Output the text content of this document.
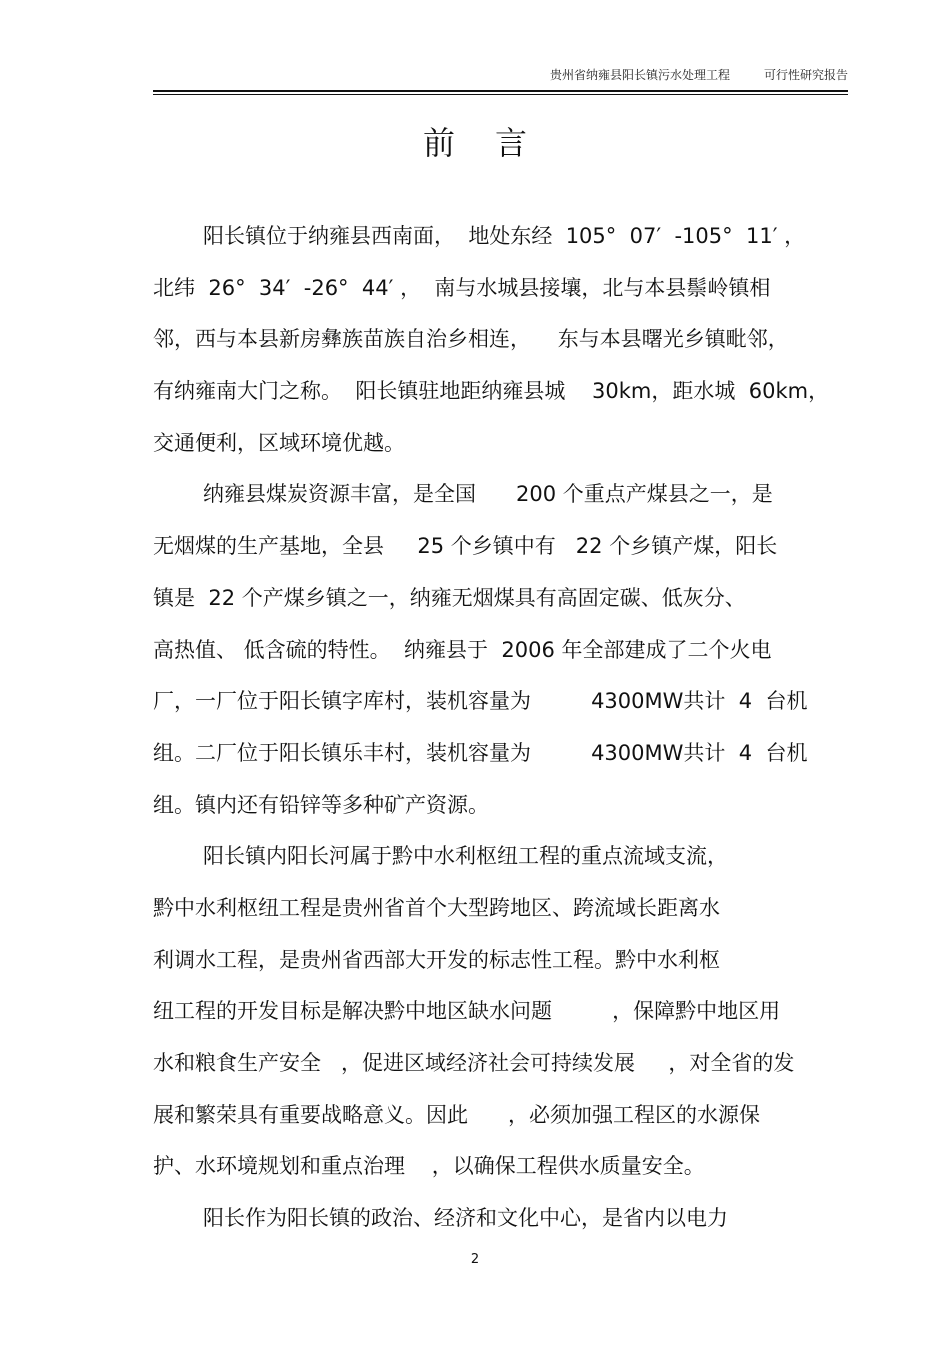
贵州省纳雍县阳长镇污水处理工程	可行性研究报告
前言
阳长镇位于纳雍县西南面，  地处东经  105°  07′  -105°  11′ ，
北纬  26°  34′  -26°  44′ ，  南与水城县接壤，北与本县鬃岭镇相
邻，西与本县新房彝族苗族自治乡相连，    东与本县曙光乡镇毗邻，
有纳雍南大门之称。  阳长镇驻地距纳雍县城    30km，距水城  60km，
交通便利，区域环境优越。
纳雍县煤炭资源丰富，是全国      200 个重点产煤县之一，是
无烟煤的生产基地，全县     25 个乡镇中有   22 个乡镇产煤，阳长
镇是  22 个产煤乡镇之一，纳雍无烟煤具有高固定碳、低灰分、
高热值、 低含硫的特性。  纳雍县于  2006 年全部建成了二个火电
厂，一厂位于阳长镇字库村，装机容量为         4300MW共计  4  台机
组。二厂位于阳长镇乐丰村，装机容量为         4300MW共计  4  台机
组。镇内还有铅锌等多种矿产资源。
阳长镇内阳长河属于黔中水利枢纽工程的重点流域支流，
黔中水利枢纽工程是贵州省首个大型跨地区、跨流域长距离水
利调水工程，是贵州省西部大开发的标志性工程。黔中水利枢
纽工程的开发目标是解决黔中地区缺水问题         ，保障黔中地区用
水和粮食生产安全   ，促进区域经济社会可持续发展     ，对全省的发
展和繁荣具有重要战略意义。因此      ，必须加强工程区的水源保
护、水环境规划和重点治理    ，以确保工程供水质量安全。
阳长作为阳长镇的政治、经济和文化中心，是省内以电力
2
